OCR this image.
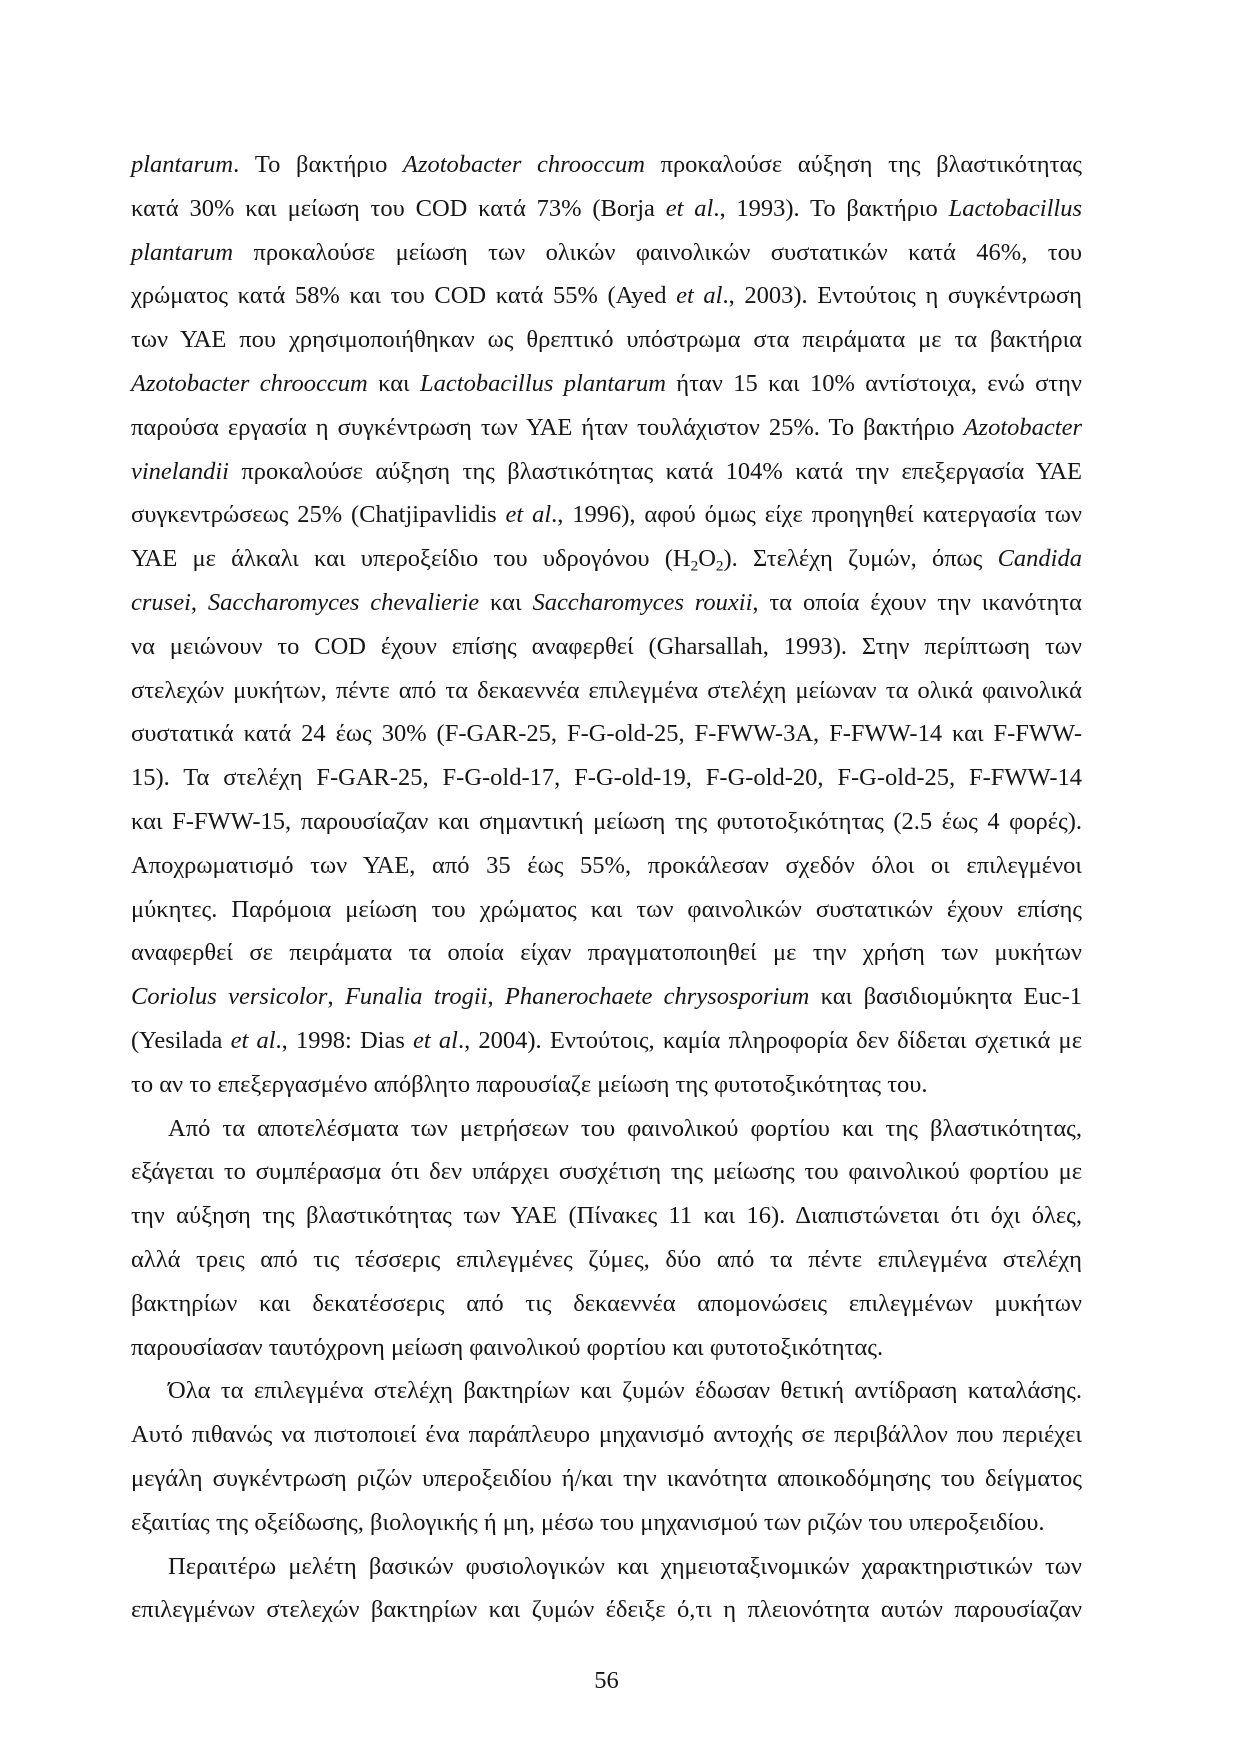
plantarum. Το βακτήριο Azotobacter chrooccum προκαλούσε αύξηση της βλαστικότητας
κατά 30% και μείωση του COD κατά 73% (Borja et al., 1993). Το βακτήριο Lactobacillus
plantarum προκαλούσε μείωση των ολικών φαινολικών συστατικών κατά 46%, του
χρώματος κατά 58% και του COD κατά 55% (Ayed et al., 2003). Εντούτοις η συγκέντρωση
των ΥΑΕ που χρησιμοποιήθηκαν ως θρεπτικό υπόστρωμα στα πειράματα με τα βακτήρια
Azotobacter chrooccum και Lactobacillus plantarum ήταν 15 και 10% αντίστοιχα, ενώ στην
παρούσα εργασία η συγκέντρωση των ΥΑΕ ήταν τουλάχιστον 25%. Το βακτήριο Azotobacter
vinelandii προκαλούσε αύξηση της βλαστικότητας κατά 104% κατά την επεξεργασία ΥΑΕ
συγκεντρώσεως 25% (Chatjipavlidis et al., 1996), αφού όμως είχε προηγηθεί κατεργασία των
ΥΑΕ με άλκαλι και υπεροξείδιο του υδρογόνου $(H_2O_2)$. Στελέχη ζυμών, όπως Candida
crusei, Saccharomyces chevalierie και Saccharomyces rouxii, τα οποία έχουν την ικανότητα
να μειώνουν το COD έχουν επίσης αναφερθεί (Gharsallah, 1993). Στην περίπτωση των
στελεχών μυκήτων, πέντε από τα δεκαεννέα επιλεγμένα στελέχη μείωναν τα ολικά φαινολικά
συστατικά κατά 24 έως 30% (F-GAR-25, F-G-old-25, F-FWW-3A, F-FWW-14 και F-FWW-
15). Τα στελέχη F-GAR-25, F-G-old-17, F-G-old-19, F-G-old-20, F-G-old-25, F-FWW-14
και F-FWW-15, παρουσίαζαν και σημαντική μείωση της φυτοτοξικότητας (2.5 έως 4 φορές).
Αποχρωματισμό των ΥΑΕ, από 35 έως 55%, προκάλεσαν σχεδόν όλοι οι επιλεγμένοι
μύκητες. Παρόμοια μείωση του χρώματος και των φαινολικών συστατικών έχουν επίσης
αναφερθεί σε πειράματα τα οποία είχαν πραγματοποιηθεί με την χρήση των μυκήτων
Coriolus versicolor, Funalia trogii, Phanerochaete chrysosporium και βασιδιομύκητα Euc-1
(Yesilada et al., 1998: Dias et al., 2004). Εντούτοις, καμία πληροφορία δεν δίδεται σχετικά με
το αν το επεξεργασμένο απόβλητο παρουσίαζε μείωση της φυτοτοξικότητας του.
Από τα αποτελέσματα των μετρήσεων του φαινολικού φορτίου και της βλαστικότητας,
εξάγεται το συμπέρασμα ότι δεν υπάρχει συσχέτιση της μείωσης του φαινολικού φορτίου με
την αύξηση της βλαστικότητας των ΥΑΕ (Πίνακες 11 και 16). Διαπιστώνεται ότι όχι όλες,
αλλά τρεις από τις τέσσερις επιλεγμένες ζύμες, δύο από τα πέντε επιλεγμένα στελέχη
βακτηρίων και δεκατέσσερις από τις δεκαεννέα απομονώσεις επιλεγμένων μυκήτων
παρουσίασαν ταυτόχρονη μείωση φαινολικού φορτίου και φυτοτοξικότητας.
Όλα τα επιλεγμένα στελέχη βακτηρίων και ζυμών έδωσαν θετική αντίδραση καταλάσης.
Αυτό πιθανώς να πιστοποιεί ένα παράπλευρο μηχανισμό αντοχής σε περιβάλλον που περιέχει
μεγάλη συγκέντρωση ριζών υπεροξειδίου ή/και την ικανότητα αποικοδόμησης του δείγματος
εξαιτίας της οξείδωσης, βιολογικής ή μη, μέσω του μηχανισμού των ριζών του υπεροξειδίου.
Περαιτέρω μελέτη βασικών φυσιολογικών και χημειοταξινομικών χαρακτηριστικών των
επιλεγμένων στελεχών βακτηρίων και ζυμών έδειξε ό,τι η πλειονότητα αυτών παρουσίαζαν
56
